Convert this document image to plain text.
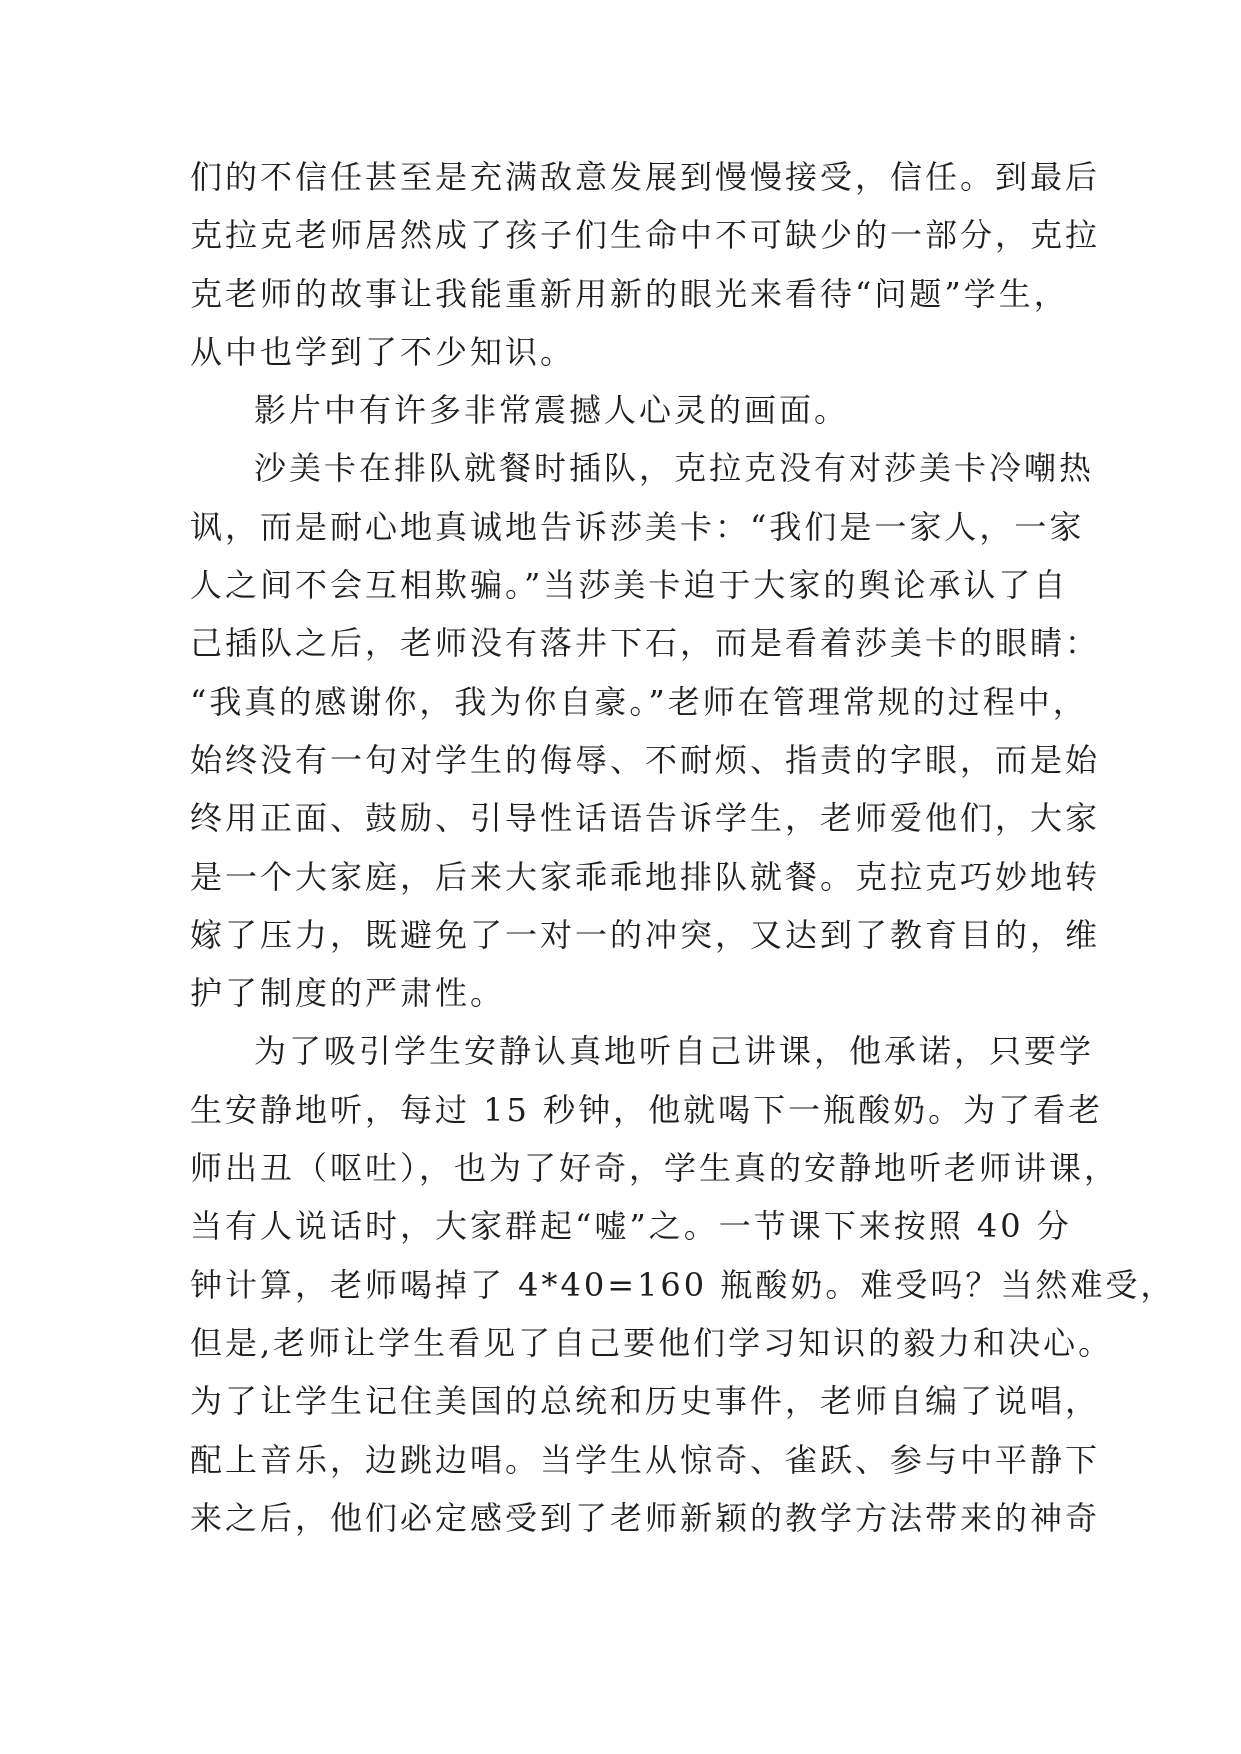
们的不信任甚至是充满敌意发展到慢慢接受，信任。到最后
克拉克老师居然成了孩子们生命中不可缺少的一部分，克拉
克老师的故事让我能重新用新的眼光来看待“问题”学生，
从中也学到了不少知识。
影片中有许多非常震撼人心灵的画面。
沙美卡在排队就餐时插队，克拉克没有对莎美卡冷嘲热
讽，而是耐心地真诚地告诉莎美卡：“我们是一家人，一家
人之间不会互相欺骗。”当莎美卡迫于大家的舆论承认了自
己插队之后，老师没有落井下石，而是看着莎美卡的眼睛：
“我真的感谢你，我为你自豪。”老师在管理常规的过程中，
始终没有一句对学生的侮辱、不耐烦、指责的字眼，而是始
终用正面、鼓励、引导性话语告诉学生，老师爱他们，大家
是一个大家庭，后来大家乖乖地排队就餐。克拉克巧妙地转
嫁了压力，既避免了一对一的冲突，又达到了教育目的，维
护了制度的严肃性。
为了吸引学生安静认真地听自己讲课，他承诺，只要学
生安静地听，每过 15 秒钟，他就喝下一瓶酸奶。为了看老
师出丑（呕吐），也为了好奇，学生真的安静地听老师讲课，
当有人说话时，大家群起“嘘”之。一节课下来按照 40 分
钟计算，老师喝掉了 4*40=160 瓶酸奶。难受吗？当然难受，
但是,老师让学生看见了自己要他们学习知识的毅力和决心。
为了让学生记住美国的总统和历史事件，老师自编了说唱，
配上音乐，边跳边唱。当学生从惊奇、雀跃、参与中平静下
来之后，他们必定感受到了老师新颖的教学方法带来的神奇
